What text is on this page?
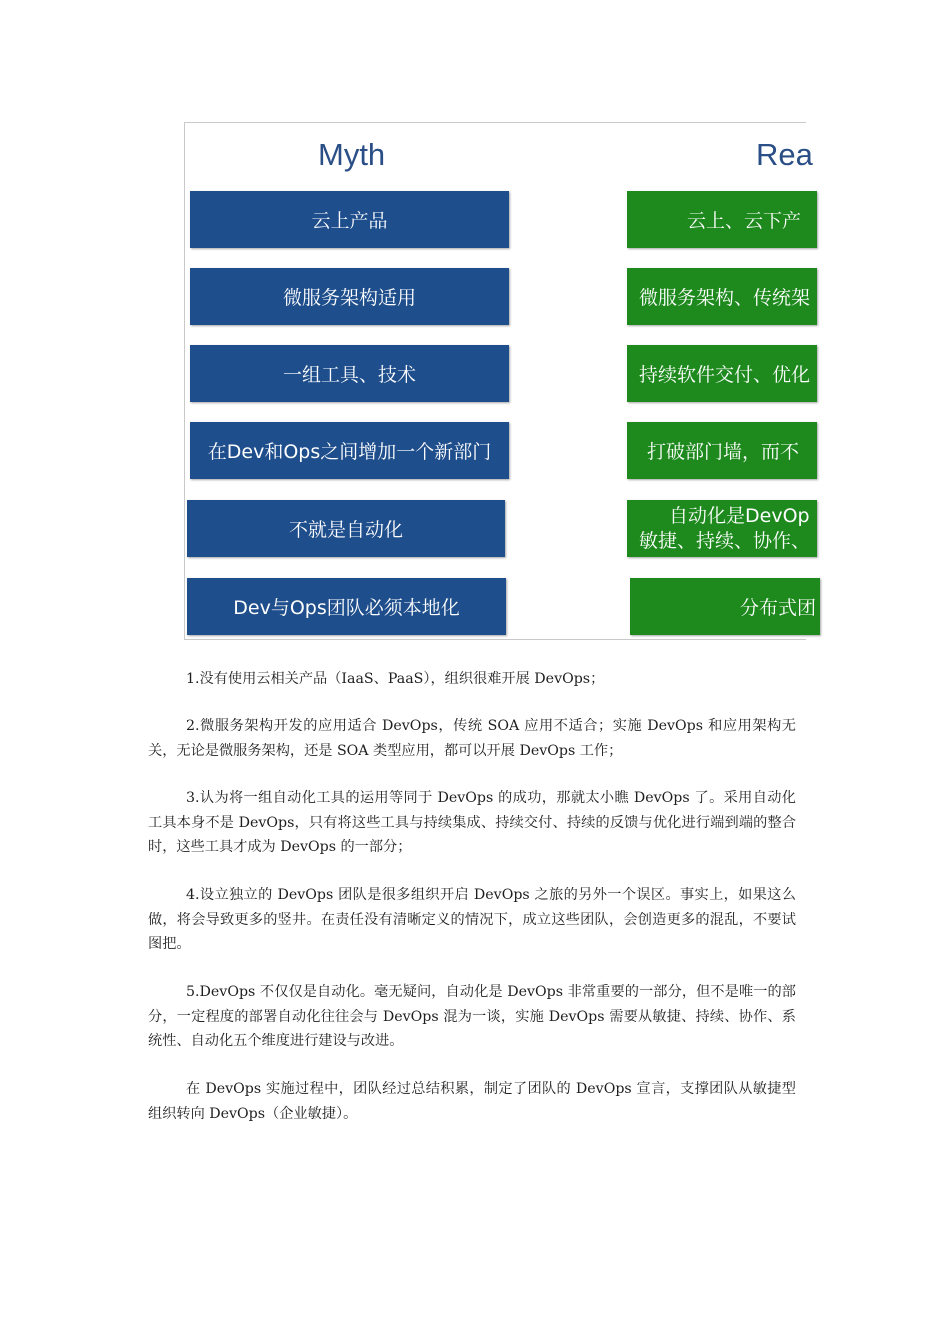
Myth	Rea
云上产品
微服务架构适用
一组工具、技术
在Dev和Ops之间增加一个新部门
不就是自动化
Dev与Ops团队必须本地化
云上、云下产
微服务架构、传统架
持续软件交付、优化
打破部门墙，而不
自动化是DevOp
敏捷、持续、协作、
分布式团

1.没有使用云相关产品（IaaS、PaaS），组织很难开展 DevOps；

2.微服务架构开发的应用适合 DevOps，传统 SOA 应用不适合；实施 DevOps 和应用架构无关，无论是微服务架构，还是 SOA 类型应用，都可以开展 DevOps 工作；

3.认为将一组自动化工具的运用等同于 DevOps 的成功，那就太小瞧 DevOps 了。采用自动化工具本身不是 DevOps，只有将这些工具与持续集成、持续交付、持续的反馈与优化进行端到端的整合时，这些工具才成为 DevOps 的一部分；

4.设立独立的 DevOps 团队是很多组织开启 DevOps 之旅的另外一个误区。事实上，如果这么做，将会导致更多的竖井。在责任没有清晰定义的情况下，成立这些团队，会创造更多的混乱，不要试图把。

5.DevOps 不仅仅是自动化。毫无疑问，自动化是 DevOps 非常重要的一部分，但不是唯一的部分，一定程度的部署自动化往往会与 DevOps 混为一谈，实施 DevOps 需要从敏捷、持续、协作、系统性、自动化五个维度进行建设与改进。

在 DevOps 实施过程中，团队经过总结积累，制定了团队的 DevOps 宣言，支撑团队从敏捷型组织转向 DevOps（企业敏捷）。
